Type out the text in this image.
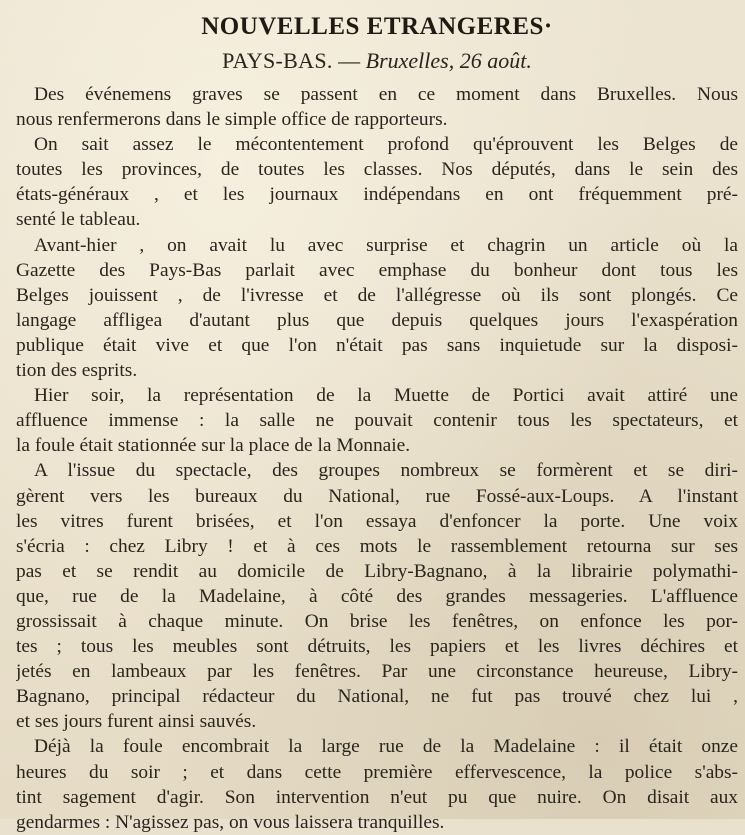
NOUVELLES ETRANGERES·
PAYS-BAS. — Bruxelles, 26 août.

Des événemens graves se passent en ce moment dans Bruxelles. Nous
nous renfermerons dans le simple office de rapporteurs.

On sait assez le mécontentement profond qu'éprouvent les Belges de
toutes les provinces, de toutes les classes. Nos députés, dans le sein des
états-généraux , et les journaux indépendans en ont fréquemment pré-
senté le tableau.

Avant-hier , on avait lu avec surprise et chagrin un article où la
Gazette des Pays-Bas parlait avec emphase du bonheur dont tous les
Belges jouissent , de l'ivresse et de l'allégresse où ils sont plongés. Ce
langage affligea d'autant plus que depuis quelques jours l'exaspération
publique était vive et que l'on n'était pas sans inquietude sur la disposi-
tion des esprits.

Hier soir, la représentation de la Muette de Portici avait attiré une
affluence immense : la salle ne pouvait contenir tous les spectateurs, et
la foule était stationnée sur la place de la Monnaie.

A l'issue du spectacle, des groupes nombreux se formèrent et se diri-
gèrent vers les bureaux du National, rue Fossé-aux-Loups. A l'instant
les vitres furent brisées, et l'on essaya d'enfoncer la porte. Une voix
s'écria : chez Libry ! et à ces mots le rassemblement retourna sur ses
pas et se rendit au domicile de Libry-Bagnano, à la librairie polymathi-
que, rue de la Madelaine, à côté des grandes messageries. L'affluence
grossissait à chaque minute. On brise les fenêtres, on enfonce les por-
tes ; tous les meubles sont détruits, les papiers et les livres déchires et
jetés en lambeaux par les fenêtres. Par une circonstance heureuse, Libry-
Bagnano, principal rédacteur du National, ne fut pas trouvé chez lui ,
et ses jours furent ainsi sauvés.

Déjà la foule encombrait la large rue de la Madelaine : il était onze
heures du soir ; et dans cette première effervescence, la police s'abs-
tint sagement d'agir. Son intervention n'eut pu que nuire. On disait aux
gendarmes : N'agissez pas, on vous laissera tranquilles.
